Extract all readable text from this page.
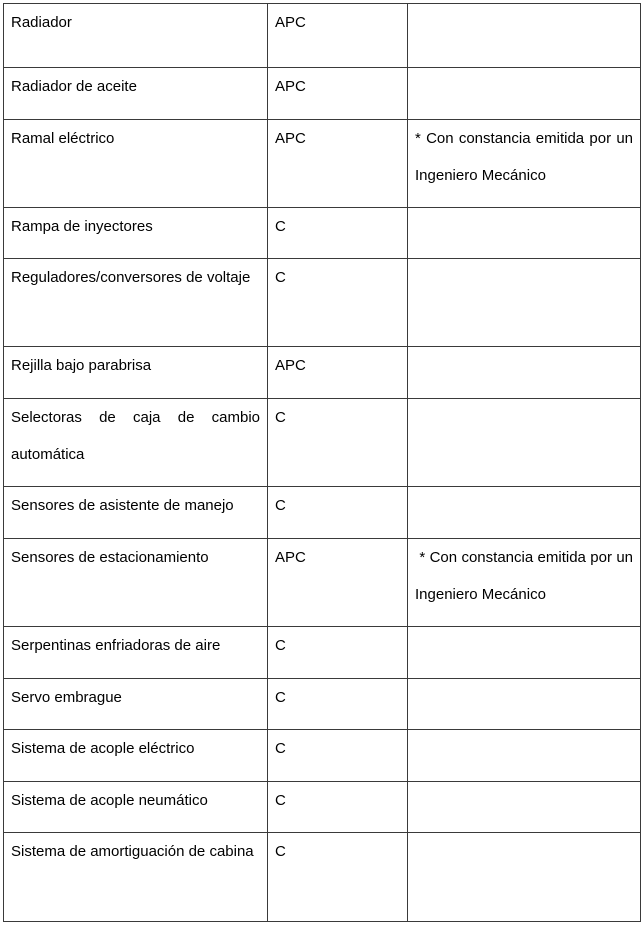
Radiador	APC	

Radiador de aceite	APC	

Ramal eléctrico	APC	* Con constancia emitida por un Ingeniero Mecánico

Rampa de inyectores	C	

Reguladores/conversores de voltaje	C	

Rejilla bajo parabrisa	APC	

Selectoras de caja de cambio automática	C	

Sensores de asistente de manejo	C	

Sensores de estacionamiento	APC	* Con constancia emitida por un Ingeniero Mecánico

Serpentinas enfriadoras de aire	C	

Servo embrague	C	

Sistema de acople eléctrico	C	

Sistema de acople neumático	C	

Sistema de amortiguación de cabina	C	
